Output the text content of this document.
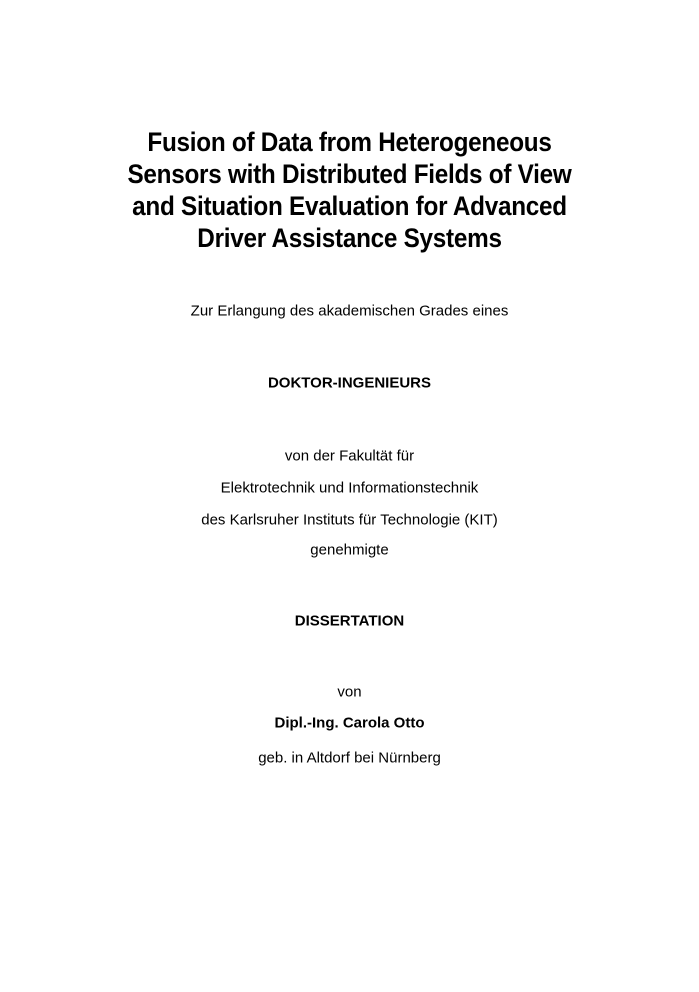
Fusion of Data from Heterogeneous
Sensors with Distributed Fields of View
and Situation Evaluation for Advanced
Driver Assistance Systems
Zur Erlangung des akademischen Grades eines
DOKTOR-INGENIEURS
von der Fakultät für
Elektrotechnik und Informationstechnik
des Karlsruher Instituts für Technologie (KIT)
genehmigte
DISSERTATION
von
Dipl.-Ing. Carola Otto
geb. in Altdorf bei Nürnberg
